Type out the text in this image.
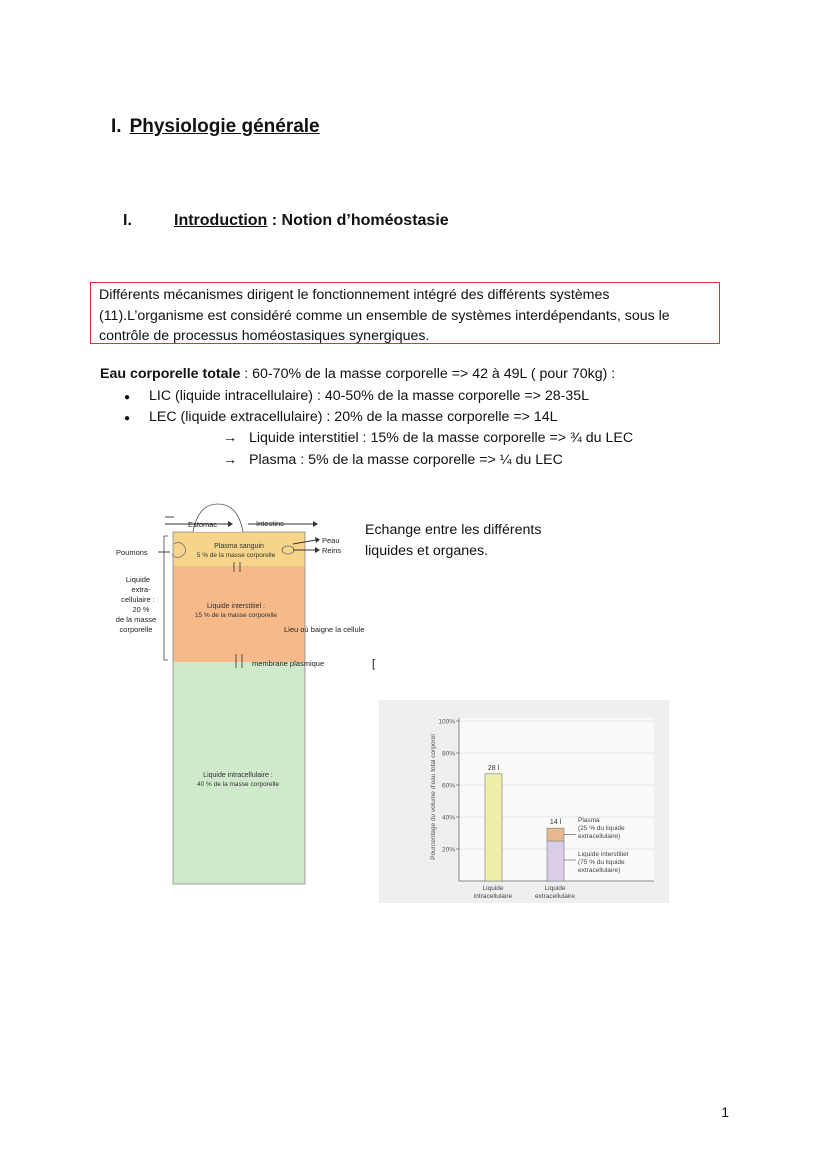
I. Physiologie générale
I.	Introduction : Notion d’homéostasie
Différents mécanismes dirigent le fonctionnement intégré des différents systèmes
(11).L’organisme est considéré comme un ensemble de systèmes interdépendants, sous le
contrôle de processus homéostasiques synergiques.
Eau corporelle totale : 60-70% de la masse corporelle => 42 à 49L ( pour 70kg) :
● LIC (liquide intracellulaire) : 40-50% de la masse corporelle => 28-35L
● LEC (liquide extracellulaire) : 20% de la masse corporelle => 14L
→ Liquide interstitiel : 15% de la masse corporelle => ¾ du LEC
→ Plasma : 5% de la masse corporelle => ¼ du LEC
Estomac	Intestins
Peau
Reins
Poumons
Plasma sanguin
5 % de la masse corporelle
Liquide
extra-
cellulaire :
20 %
de la masse
corporelle
Liquide interstitiel :
15 % de la masse corporelle
Lieu où baigne la cellule
membrane plasmique	[
Liquide intracellulaire :
40 % de la masse corporelle
Echange entre les différents
liquides et organes.
Pourcentage du volume d'eau total corporel
100%
80%
60%
40%
20%
28 l
14 l
Liquide
intracellulaire
Liquide
extracellulaire
Plasma
(25 % du liquide
extracellulaire)
Liquide interstitiel
(75 % du liquide
extracellulaire)
1
